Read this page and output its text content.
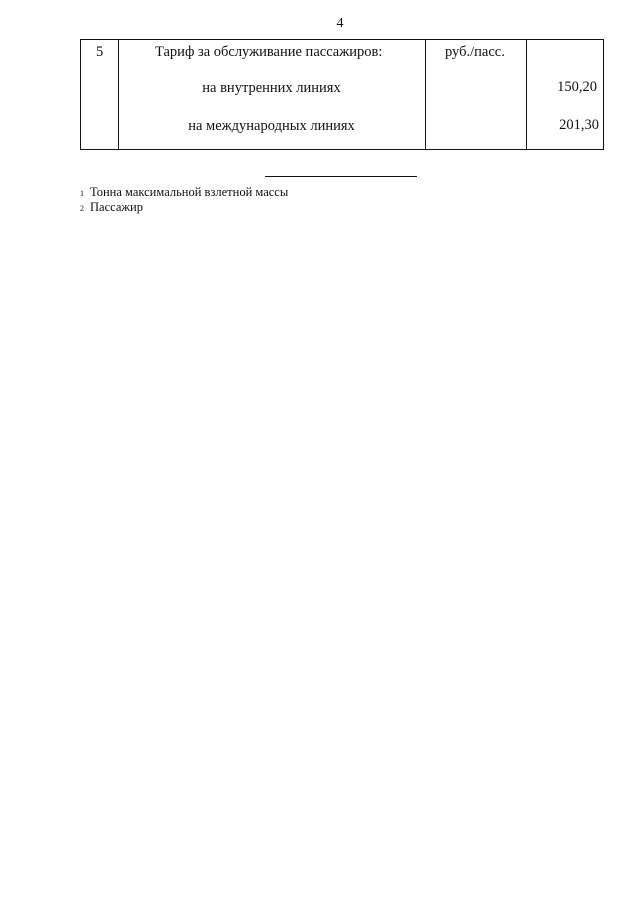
4
5	Тариф за обслуживание пассажиров:	руб./пасс.
на внутренних линиях	150,20
на международных линиях	201,30
$^1$ Тонна максимальной взлетной массы
$^2$ Пассажир
